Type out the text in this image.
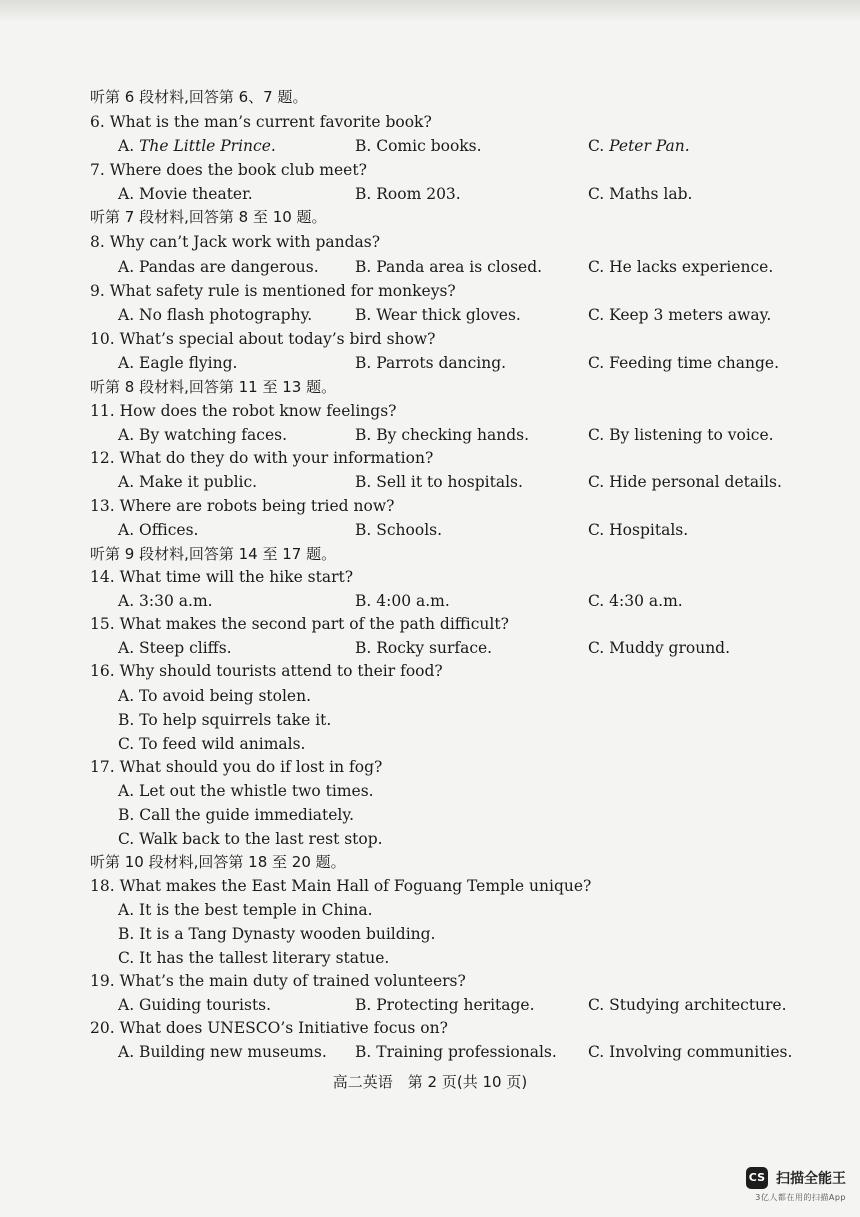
听第 6 段材料,回答第 6、7 题。
6. What is the man’s current favorite book?
A. The Little Prince.	B. Comic books.	C. Peter Pan.
7. Where does the book club meet?
A. Movie theater.	B. Room 203.	C. Maths lab.
听第 7 段材料,回答第 8 至 10 题。
8. Why can’t Jack work with pandas?
A. Pandas are dangerous. B. Panda area is closed.	C. He lacks experience.
9. What safety rule is mentioned for monkeys?
A. No flash photography.	B. Wear thick gloves.	C. Keep 3 meters away.
10. What’s special about today’s bird show?
A. Eagle flying.	B. Parrots dancing.	C. Feeding time change.
听第 8 段材料,回答第 11 至 13 题。
11. How does the robot know feelings?
A. By watching faces.	B. By checking hands.	C. By listening to voice.
12. What do they do with your information?
A. Make it public.	B. Sell it to hospitals.	C. Hide personal details.
13. Where are robots being tried now?
A. Offices.	B. Schools.	C. Hospitals.
听第 9 段材料,回答第 14 至 17 题。
14. What time will the hike start?
A. 3:30 a.m.	B. 4:00 a.m.	C. 4:30 a.m.
15. What makes the second part of the path difficult?
A. Steep cliffs.	B. Rocky surface.	C. Muddy ground.
16. Why should tourists attend to their food?
A. To avoid being stolen.
B. To help squirrels take it.
C. To feed wild animals.
17. What should you do if lost in fog?
A. Let out the whistle two times.
B. Call the guide immediately.
C. Walk back to the last rest stop.
听第 10 段材料,回答第 18 至 20 题。
18. What makes the East Main Hall of Foguang Temple unique?
A. It is the best temple in China.
B. It is a Tang Dynasty wooden building.
C. It has the tallest literary statue.
19. What’s the main duty of trained volunteers?
A. Guiding tourists.	B. Protecting heritage.	C. Studying architecture.
20. What does UNESCO’s Initiative focus on?
A. Building new museums. B. Training professionals. C. Involving communities.
高二英语　第 2 页(共 10 页)
CS 扫描全能王
3亿人都在用的扫描App
